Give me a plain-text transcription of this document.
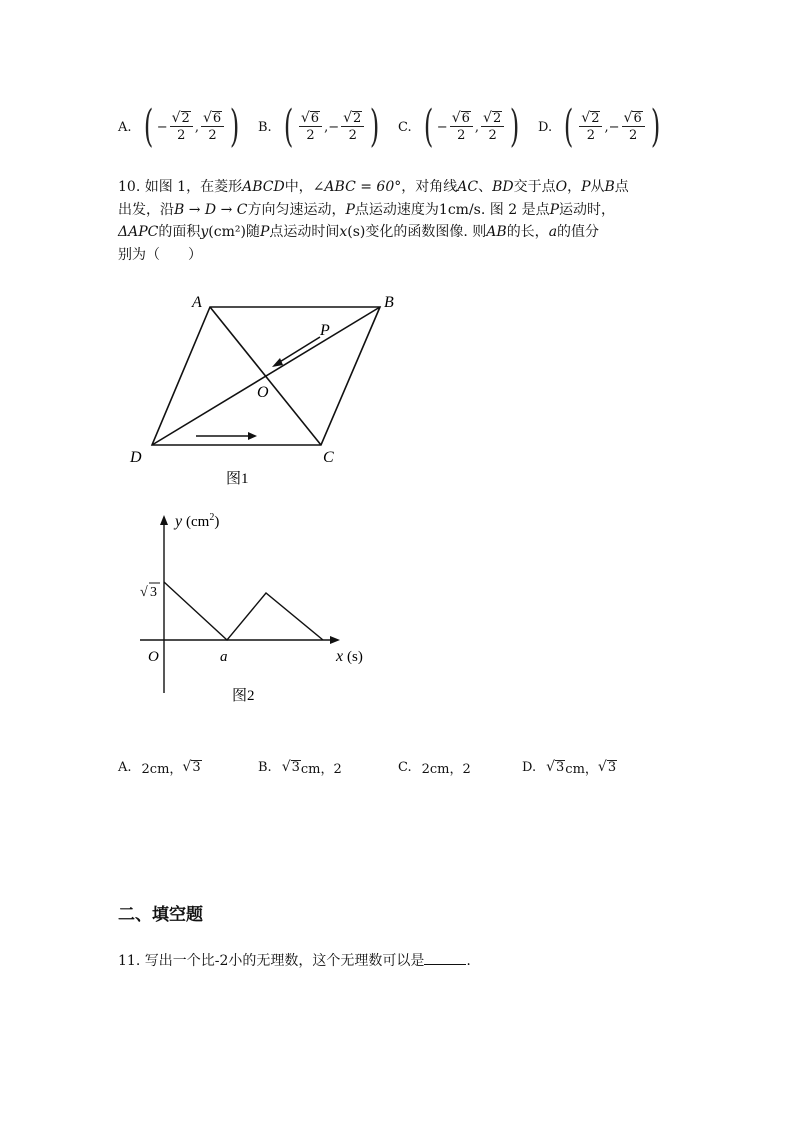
A. ( − $\frac{√ 2}{2}$ , $\frac{√ 6}{2}$ ) B. ( $\frac{√ 6}{2}$ , − $\frac{√ 2}{2}$ ) C. ( − $\frac{√ 6}{2}$ , $\frac{√ 2}{2}$ ) D. ( $\frac{√ 2}{2}$ , − $\frac{√ 6}{2}$ )
10. 如图 1，在菱形ABCD中，∠ABC = 60°，对角线AC、BD交于点O，P从B点
出发，沿B → D → C方向匀速运动，P点运动速度为1cm/s. 图 2 是点P运动时，
ΔAPC的面积y(cm²)随P点运动时间x(s)变化的函数图像. 则AB的长，a的值分
别为（　　）
A	B
C
D
O
P
图1
y $(cm^2)$
x (s)
O	a
√ 3
图2
A. 2cm， √ 3	B. √ 3 cm，2	C. 2cm，2	D. √ 3 cm， √ 3
二、填空题
11. 写出一个比-2小的无理数，这个无理数可以是	.
